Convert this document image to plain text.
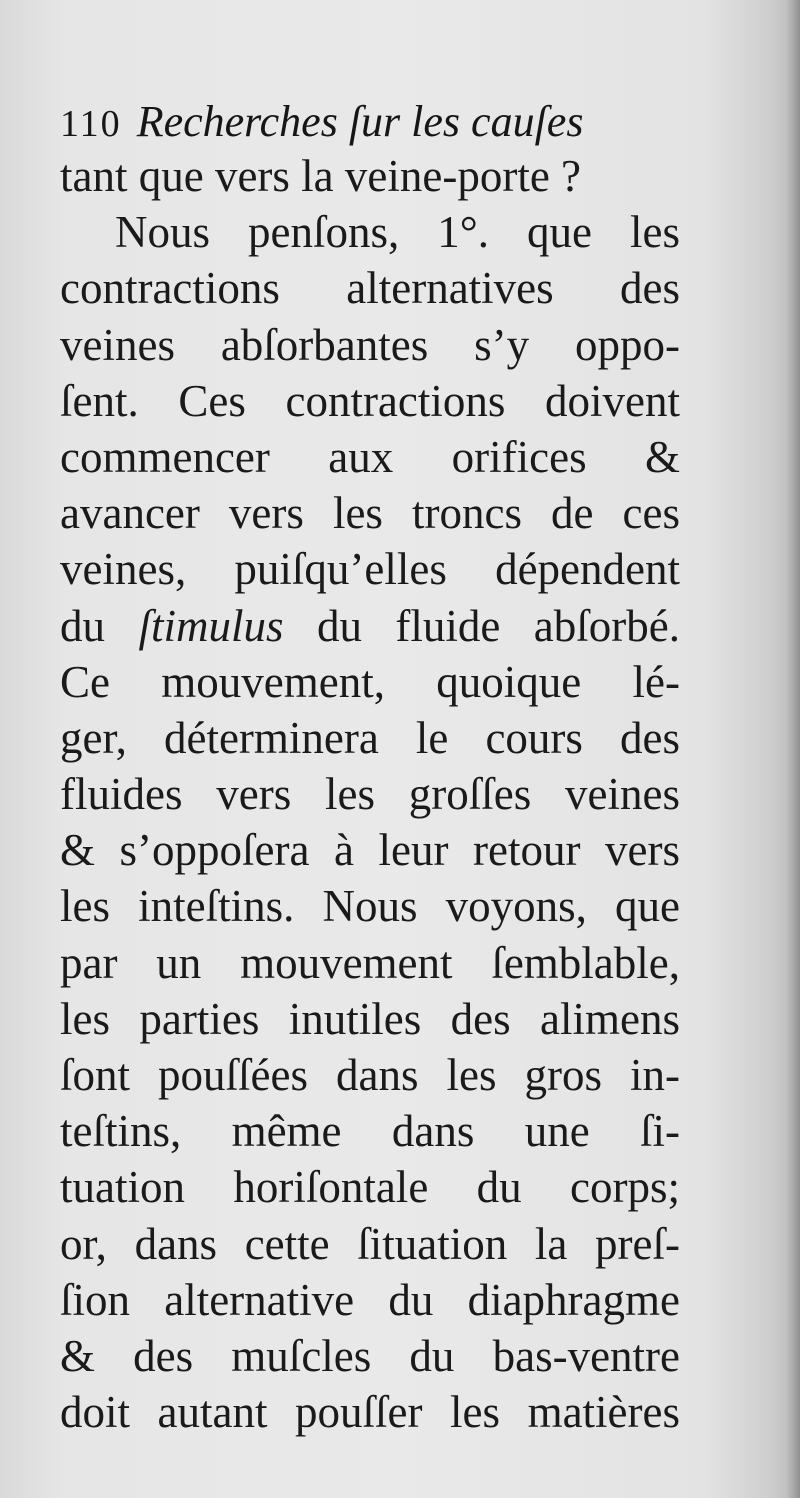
110 Recherches ſur les cauſes
tant que vers la veine-porte ?
Nous penſons, 1°. que les
contractions alternatives des
veines abſorbantes s’y oppo-
ſent. Ces contractions doivent
commencer aux orifices &
avancer vers les troncs de ces
veines, puiſqu’elles dépendent
du ſtimulus du fluide abſorbé.
Ce mouvement, quoique lé-
ger, déterminera le cours des
fluides vers les groſſes veines
& s’oppoſera à leur retour vers
les inteſtins. Nous voyons, que
par un mouvement ſemblable,
les parties inutiles des alimens
ſont pouſſées dans les gros in-
teſtins, même dans une ſi-
tuation horiſontale du corps;
or, dans cette ſituation la preſ-
ſion alternative du diaphragme
& des muſcles du bas-ventre
doit autant pouſſer les matières
